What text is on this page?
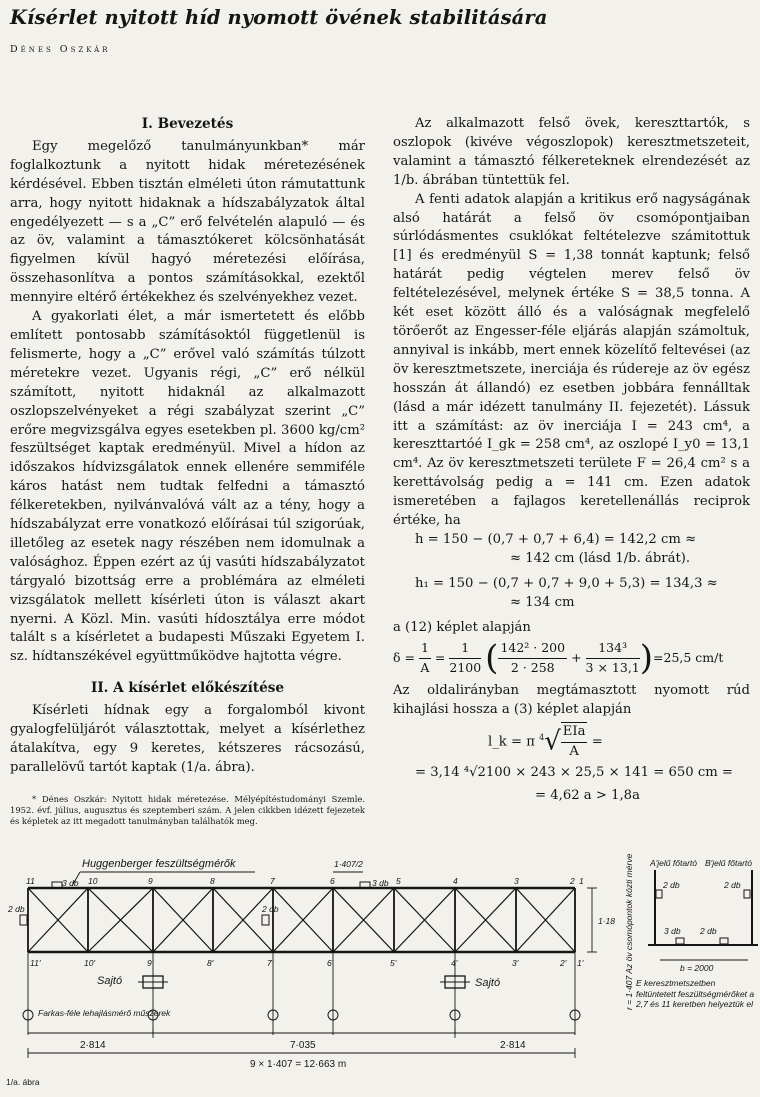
Kísérlet nyitott híd nyomott övének stabilitására
Dénes Oszkár
I. Bevezetés

Egy megelőző tanulmányunkban* már foglalkoztunk a nyitott hidak méretezésének kérdésével. Ebben tisztán elméleti úton rámutattunk arra, hogy nyitott hidaknak a hídszabályzatok által engedélyezett — s a „C” erő felvételén alapuló — és az öv, valamint a támasztókeret kölcsönhatását figyelmen kívül hagyó méretezési előírása, összehasonlítva a pontos számításokkal, ezektől mennyire eltérő értékekhez és szelvényekhez vezet.

A gyakorlati élet, a már ismertetett és előbb említett pontosabb számításoktól függetlenül is felismerte, hogy a „C” erővel való számítás túlzott méretekre vezet. Ugyanis régi, „C” erő nélkül számított, nyitott hidaknál az alkalmazott oszlopszelvényeket a régi szabályzat szerint „C” erőre megvizsgálva egyes esetekben pl. 3600 kg/cm² feszültséget kaptak eredményül. Mivel a hídon az időszakos hídvizsgálatok ennek ellenére semmiféle káros hatást nem tudtak felfedni a támasztó félkeretekben, nyilvánvalóvá vált az a tény, hogy a hídszabályzat erre vonatkozó előírásai túl szigorúak, illetőleg az esetek nagy részében nem idomulnak a valósághoz. Éppen ezért az új vasúti hídszabályzatot tárgyaló bizottság erre a problémára az elméleti vizsgálatok mellett kísérleti úton is választ akart nyerni. A Közl. Min. vasúti hídosztálya erre módot talált s a kísérletet a budapesti Műszaki Egyetem I. sz. hídtanszékével együttműködve hajtotta végre.

II. A kísérlet előkészítése

Kísérleti hídnak egy a forgalomból kivont gyalogfelüljárót választottak, melyet a kísérlethez átalakítva, egy 9 keretes, kétszeres rácsozású, parallelövű tartót kaptak (1/a. ábra).

* Dénes Oszkár: Nyitott hidak méretezése. Mélyépítéstudományi Szemle. 1952. évf. július, augusztus és szeptemberi szám. A jelen cikkben idézett fejezetek és képletek az itt megadott tanulmányban találhatók meg.

Az alkalmazott felső övek, kereszttartók, s oszlopok (kivéve végoszlopok) keresztmetszeteit, valamint a támasztó félkereteknek elrendezését az 1/b. ábrában tüntettük fel.

A fenti adatok alapján a kritikus erő nagyságának alsó határát a felső öv csomópontjaiban súrlódásmentes csuklókat feltételezve számitottuk [1] és eredményül S = 1,38 tonnát kaptunk; felső határát pedig végtelen merev felső öv feltételezésével, melynek értéke S = 38,5 tonna. A két eset között álló és a valóságnak megfelelő törőerőt az Engesser-féle eljárás alapján számoltuk, annyival is inkább, mert ennek közelítő feltevései (az öv keresztmetszete, inerciája és rúdereje az öv egész hosszán át állandó) ez esetben jobbára fennálltak (lásd a már idézett tanulmány II. fejezetét). Lássuk itt a számítást: az öv inerciája I = 243 cm⁴, a kereszttartóé I_gk = 258 cm⁴, az oszlopé I_y0 = 13,1 cm⁴. Az öv keresztmetszeti területe F = 26,4 cm² s a kerettávolság pedig a = 141 cm. Ezen adatok ismeretében a fajlagos keretellenállás reciprok értéke, ha

h = 150 − (0,7 + 0,7 + 6,4) = 142,2 cm ≈

≈ 142 cm (lásd 1/b. ábrát).

h₁ = 150 − (0,7 + 0,7 + 9,0 + 5,3) = 134,3 ≈

≈ 134 cm

a (12) képlet alapján

$\delta = \frac{1}{A} = \frac{1}{2100}$ ( $\frac{\text{142² · 200}}{2 \cdot 258} + \frac{\text{134³}}{3 \times 13,1} )=25,5$ cm/t

Az oldalirányban megtámasztott nyomott rúd kihajlási hossza a (3) képlet alapján

l_k = π $^4√ \frac{\text{EIa}}{A}$ =

= 3,14 ⁴√2100 × 243 × 25,5 × 141 = 650 cm =

= 4,62 a > 1,8a

Huggenberger feszültségmérők	1·407/2
3 db	3 db
2 db
2 db
11	10	9	8	7	6	5	4	3	2 1
11'	10'	9'	8'	7'	6'	5'	4'	3'	2' 1'
Sajtó	Sajtó
Farkas-féle lehajlásmérő műszerek
2·814	7·035	2·814
9 × 1·407 = 12·663 m
1·18 r = 1·407 Az öv csomópontok közti mérve A'jelű főtartó B'jelű főtartó
3 db 2 db
2 db	2 db
b = 2000
E keresztmetszetben feltüntetett feszültségmérőket a 2,7 és 11 keretben helyeztük el
1/a. ábra
